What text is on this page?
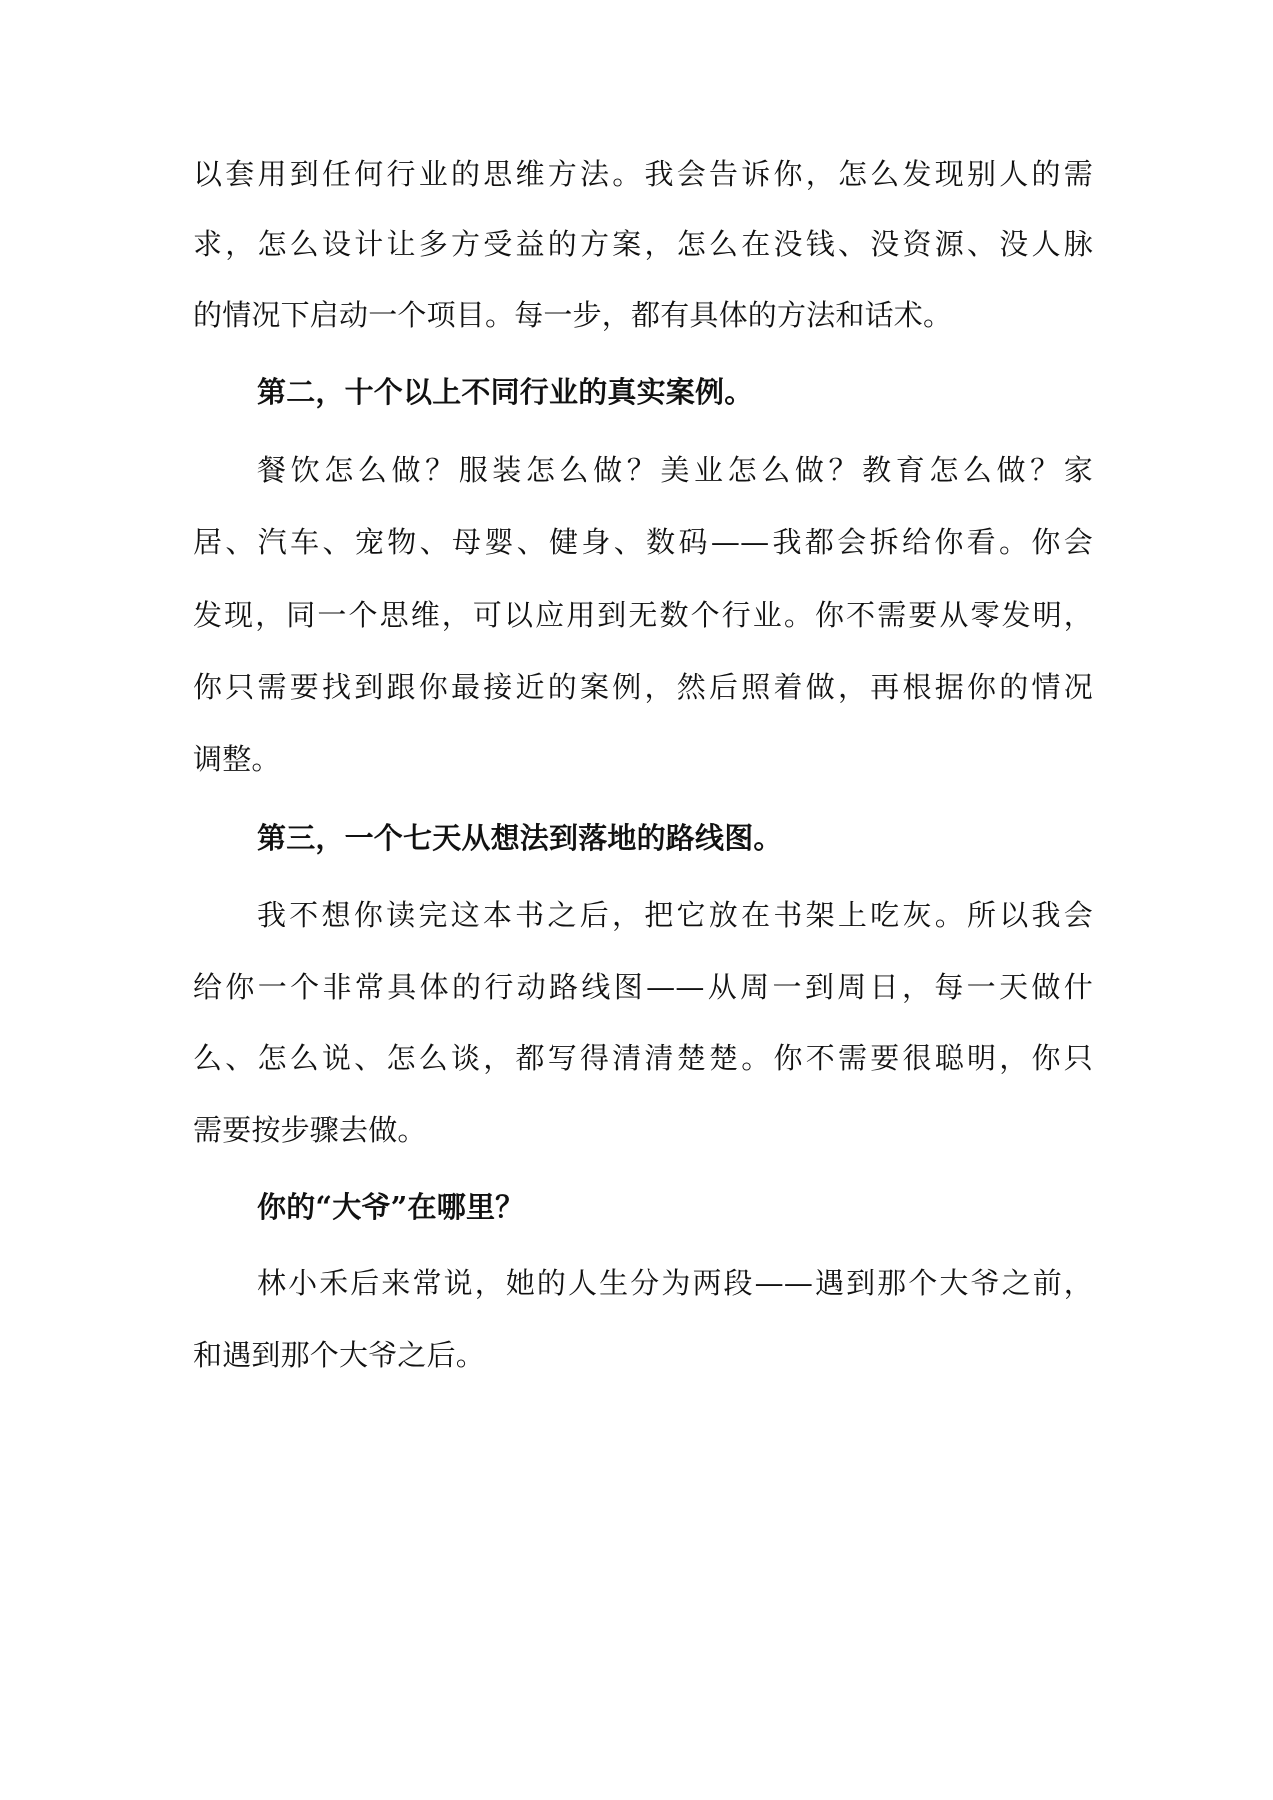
以套用到任何行业的思维方法。我会告诉你，怎么发现别人的需
求，怎么设计让多方受益的方案，怎么在没钱、没资源、没人脉
的情况下启动一个项目。每一步，都有具体的方法和话术。
第二，十个以上不同行业的真实案例。
餐饮怎么做？服装怎么做？美业怎么做？教育怎么做？家
居、汽车、宠物、母婴、健身、数码——我都会拆给你看。你会
发现，同一个思维，可以应用到无数个行业。你不需要从零发明，
你只需要找到跟你最接近的案例，然后照着做，再根据你的情况
调整。
第三，一个七天从想法到落地的路线图。
我不想你读完这本书之后，把它放在书架上吃灰。所以我会
给你一个非常具体的行动路线图——从周一到周日，每一天做什
么、怎么说、怎么谈，都写得清清楚楚。你不需要很聪明，你只
需要按步骤去做。
你的“大爷”在哪里？
林小禾后来常说，她的人生分为两段——遇到那个大爷之前，
和遇到那个大爷之后。
